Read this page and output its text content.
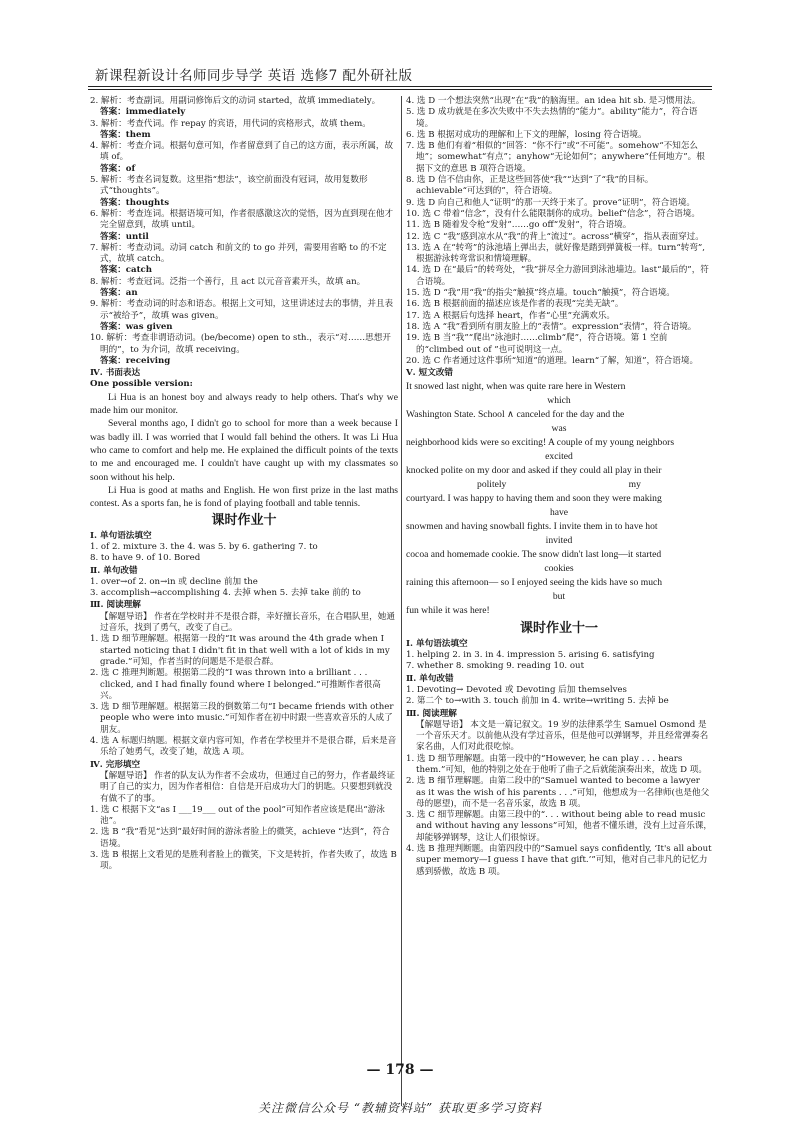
新课程新设计名师同步导学 英语 选修7 配外研社版

2. 解析：考查副词。用副词修饰后文的动词 started，故填 immediately。

答案：immediately

3. 解析：考查代词。作 repay 的宾语，用代词的宾格形式，故填 them。

答案：them

4. 解析：考查介词。根据句意可知，作者留意到了自己的这方面，表示所属，故填 of。

答案：of

5. 解析：考查名词复数。这里指“想法”，该空前面没有冠词，故用复数形式“thoughts”。

答案：thoughts

6. 解析：考查连词。根据语境可知，作者很感激这次的觉悟，因为直到现在他才完全留意到，故填 until。

答案：until

7. 解析：考查动词。动词 catch 和前文的 to go 并列，需要用省略 to 的不定式，故填 catch。

答案：catch

8. 解析：考查冠词。泛指一个善行，且 act 以元音音素开头，故填 an。

答案：an

9. 解析：考查动词的时态和语态。根据上文可知，这里讲述过去的事情，并且表示“被给予”，故填 was given。

答案：was given

10. 解析：考查非谓语动词。(be/become) open to sth.，表示“对……思想开明的”，to 为介词，故填 receiving。

答案：receiving

Ⅳ. 书面表达

One possible version:

Li Hua is an honest boy and always ready to help others. That's why we made him our monitor.

Several months ago, I didn't go to school for more than a week because I was badly ill. I was worried that I would fall behind the others. It was Li Hua who came to comfort and help me. He explained the difficult points of the texts to me and encouraged me. I couldn't have caught up with my classmates so soon without his help.

Li Hua is good at maths and English. He won first prize in the last maths contest. As a sports fan, he is fond of playing football and table tennis.

课时作业十

Ⅰ. 单句语法填空

1. of 2. mixture 3. the 4. was 5. by 6. gathering 7. to

8. to have 9. of 10. Bored

Ⅱ. 单句改错

1. over→of 2. on→in 或 decline 前加 the

3. accomplish→accomplishing 4. 去掉 when 5. 去掉 take 前的 to

Ⅲ. 阅读理解

【解题导语】 作者在学校时并不是很合群，幸好擅长音乐，在合唱队里，她通过音乐，找到了勇气，改变了自己。

1. 选 D 细节理解题。根据第一段的“It was around the 4th grade when I started noticing that I didn't fit in that well with a lot of kids in my grade.”可知，作者当时的问题是不是很合群。

2. 选 C 推理判断题。根据第二段的“I was thrown into a brilliant . . . clicked, and I had finally found where I belonged.”可推断作者很高兴。

3. 选 D 细节理解题。根据第三段的倒数第二句“I became friends with other people who were into music.”可知作者在初中时跟一些喜欢音乐的人成了朋友。

4. 选 A 标题归纳题。根据文章内容可知，作者在学校里并不是很合群，后来是音乐给了她勇气，改变了她，故选 A 项。

Ⅳ. 完形填空

【解题导语】 作者的队友认为作者不会成功，但通过自己的努力，作者最终证明了自己的实力，因为作者相信：自信是开启成功大门的钥匙。只要想到就没有做不了的事。

1. 选 C 根据下文“as I ___19___ out of the pool”可知作者应该是爬出“游泳池”。

2. 选 B “我”看见“达到”最好时间的游泳者脸上的微笑，achieve “达到”，符合语境。

3. 选 B 根据上文看见的是胜利者脸上的微笑，下文是转折，作者失败了，故选 B 项。

4. 选 D 一个想法突然“出现”在“我”的脑海里。an idea hit sb. 是习惯用法。

5. 选 D 成功就是在多次失败中不失去热情的“能力”。ability“能力”，符合语境。

6. 选 B 根据对成功的理解和上下文的理解，losing 符合语境。

7. 选 B 他们有着“相似的”回答：“你不行”或“不可能”。somehow“不知怎么地”；somewhat“有点”；anyhow“无论如何”；anywhere“任何地方”。根据下文的意思 B 项符合语境。

8. 选 D 信不信由你，正是这些回答使“我”“达到”了“我”的目标。achievable“可达到的”，符合语境。

9. 选 D 向自己和他人“证明”的那一天终于来了。prove“证明”，符合语境。

10. 选 C 带着“信念”，没有什么能限制你的成功。belief“信念”，符合语境。

11. 选 B 随着发令枪“发射”……go off“发射”，符合语境。

12. 选 C “我”感到凉水从“我”的背上“流过”。across“横穿”，指从表面穿过。

13. 选 A 在“转弯”的泳池墙上弹出去，就好像是踏到弹簧板一样。turn“转弯”,根据游泳转弯常识和情境理解。

14. 选 D 在“最后”的转弯处，“我”拼尽全力游回到泳池墙边。last“最后的”，符合语境。

15. 选 D “我”用“我”的指尖“触摸”终点墙。touch“触摸”，符合语境。

16. 选 B 根据前面的描述应该是作者的表现“完美无缺”。

17. 选 A 根据后句选择 heart，作者“心里”充满欢乐。

18. 选 A “我”看到所有朋友脸上的“表情”。expression“表情”，符合语境。

19. 选 B 当“我”“爬出”泳池时……climb“爬”，符合语境。第 1 空前的“climbed out of ”也可说明这一点。

20. 选 C 作者通过这件事所“知道”的道理。learn“了解，知道”，符合语境。

Ⅴ. 短文改错

It snowed last night, when was quite rare here in Western
which
Washington State. School ∧ canceled for the day and the
was
neighborhood kids were so exciting! A couple of my young neighbors
excited
knocked polite on my door and asked if they could all play in their
politely                                                   my
courtyard. I was happy to having them and soon they were making
have
snowmen and having snowball fights. I invite them in to have hot
invited
cocoa and homemade cookie. The snow didn't last long—it started
cookies
raining this afternoon— so I enjoyed seeing the kids have so much
but
fun while it was here!

课时作业十一

Ⅰ. 单句语法填空

1. helping 2. in 3. in 4. impression 5. arising 6. satisfying

7. whether 8. smoking 9. reading 10. out

Ⅱ. 单句改错

1. Devoting→ Devoted 或 Devoting 后加 themselves

2. 第二个 to→with 3. touch 前加 in 4. write→writing 5. 去掉 be

Ⅲ. 阅读理解

【解题导语】 本文是一篇记叙文。19 岁的法律系学生 Samuel Osmond 是一个音乐天才。以前他从没有学过音乐，但是他可以弹钢琴，并且经常弹奏名家名曲，人们对此很吃惊。

1. 选 D 细节理解题。由第一段中的“However, he can play . . . hears them.”可知，他的特别之处在于他听了曲子之后就能演奏出来，故选 D 项。

2. 选 B 细节理解题。由第二段中的“Samuel wanted to become a lawyer as it was the wish of his parents . . .”可知，他想成为一名律师(也是他父母的愿望)，而不是一名音乐家，故选 B 项。

3. 选 C 细节理解题。由第三段中的“. . . without being able to read music and without having any lessons”可知，他者不懂乐谱，没有上过音乐课，却能够弹钢琴，这让人们很惊讶。

4. 选 B 推理判断题。由第四段中的“Samuel says confidently, ‘It's all about super memory—I guess I have that gift.’”可知，他对自己非凡的记忆力感到骄傲，故选 B 项。

— 178 —
关注微信公众号 “教辅资料站” 获取更多学习资料
